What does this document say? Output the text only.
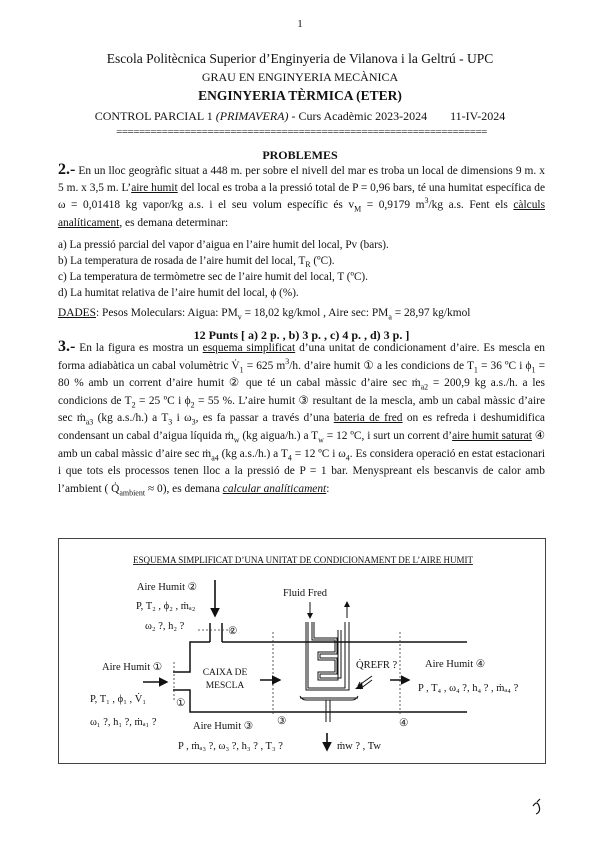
1
Escola Politècnica Superior d’Enginyeria de Vilanova i la Geltrú - UPC
GRAU EN ENGINYERIA MECÀNICA
ENGINYERIA TÈRMICA (ETER)
CONTROL PARCIAL 1 (PRIMAVERA) - Curs Acadèmic 2023-2024 11-IV-2024
=================================================================
PROBLEMES
2.- En un lloc geogràfic situat a 448 m. per sobre el nivell del mar es troba un local de dimensions 9 m. x 5 m. x 3,5 m. L’aire humit del local es troba a la pressió total de P = 0,96 bars, té una humitat específica de ω = 0,01418 kg vapor/kg a.s. i el seu volum específic és $v_M = 0,9179$ $m^3/kg$ a.s. Fent els càlculs analíticament, es demana determinar:
a) La pressió parcial del vapor d’aigua en l’aire humit del local, Pv (bars).
b) La temperatura de rosada de l’aire humit del local, $T_R$ (ºC).
c) La temperatura de termòmetre sec de l’aire humit del local, T (ºC).
d) La humitat relativa de l’aire humit del local, ϕ (%).
DADES: Pesos Moleculars: Aigua: $PM_v = 18,02$ kg/kmol , Aire sec: $PM_a = 28,97$ kg/kmol
12 Punts [ a) 2 p. , b) 3 p. , c) 4 p. , d) 3 p. ]
3.- En la figura es mostra un esquema simplificat d’una unitat de condicionament d’aire. Es mescla en forma adiabàtica un cabal volumètric $V̇_1 = 625$ $m^3/h$. d’aire humit ① a les condicions de $T_1 = 36$ ºC i $\phi_1 = 80$ % amb un corrent d’aire humit ② que té un cabal màssic d’aire sec ṁ$_{a2}$ = 200,9 kg a.s./h. a les condicions de $T_2 = 25$ ºC i $\phi_2 = 55$ %. L’aire humit ③ resultant de la mescla, amb un cabal màssic d’aire sec ṁ$_{a3}$ (kg a.s./h.) a $T_3$ i $\omega_3$, es fa passar a través d’una bateria de fred on es refreda i deshumidifica condensant un cabal d’aigua líquida ṁ$_w$ (kg aigua/h.) a $T_w = 12$ ºC, i surt un corrent d’aire humit saturat ④ amb un cabal màssic d’aire sec ṁ$_{a4}$ (kg a.s./h.) a $T_4 = 12$ ºC i $\omega_4$. Es considera operació en estat estacionari i que tots els processos tenen lloc a la pressió de P = 1 bar. Menyspreant els bescanvis de calor amb l’ambient ( $Q̇_{ambient} \approx 0$), es demana calcular analíticament:
ESQUEMA SIMPLIFICAT D’UNA UNITAT DE CONDICIONAMENT DE L’AIRE HUMIT
Aire Humit ②
P, T₂ , ϕ₂ , ṁₐ₂
ω₂ ?, h₂ ?	②
Aire Humit ①
P, T₁ , ϕ₁ , V̇₁
ω₁ ?, h₁ ?, ṁₐ₁ ?
①
CAIXA DE
MESCLA
Aire Humit ③
P , ṁₐ₃ ?, ω₃ ?, h₃ ? , T₃ ?
③
Fluid Fred
Q̇REFR ?
ṁw ? , Tw
Aire Humit ④
P , T₄ , ω₄ ?, h₄ ? , ṁₐ₄ ?
④
